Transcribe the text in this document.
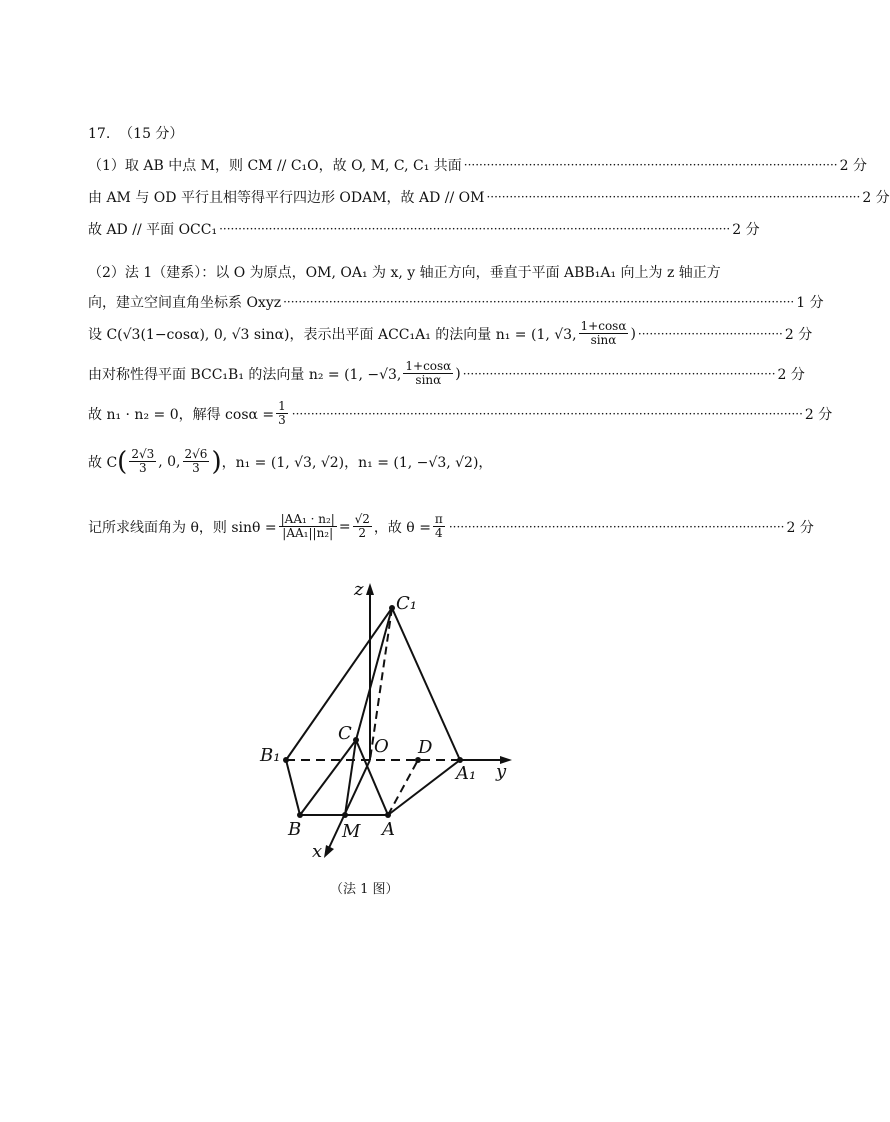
17.  （15 分）
（1）取 AB 中点 M，则 CM // C₁O，故 O, M, C, C₁ 共面 ·································································································· 2 分
由 AM 与 OD 平行且相等得平行四边形 ODAM，故 AD // OM ·································································································· 2 分
故 AD // 平面 OCC₁ ······································································································································ 2 分
（2）法 1（建系）：以 O 为原点，OM, OA₁ 为 x, y 轴正方向，垂直于平面 ABB₁A₁ 向上为 z 轴正方
向，建立空间直角坐标系 Oxyz ······································································································································ 1 分
设 C(√3(1−cosα), 0, √3 sinα)，表示出平面 ACC₁A₁ 的法向量 n₁ = (1, √3, $\frac{1+\cos\alpha}{\sin\alpha}$ ) ······································ 2 分
由对称性得平面 BCC₁B₁ 的法向量 n₂ = (1, −√3, $\frac{1+\cos\alpha}{\sin\alpha}$ ) ·················································································· 2 分
故 n₁ · n₂ = 0，解得 $\cos\alpha = \frac{1}{3}$ ······································································································································ 2 分
故 C ( $\frac{2√3}{3}$ , 0, $\frac{2√6}{3}$ ) ，n₁ = (1, √3, √2)，n₁ = (1, −√3, √2)，
记所求线面角为 θ，则 $\sin\theta = \frac{\text{|AA₁ · n₂|}}{\text{|AA₁||n₂|}} = \frac{√2}{2}$ ，故 $\theta = \frac{\pi}{4}$ ························································································ 2 分
z
C₁
C
O D
B₁
A₁ y
B M A
x
（法 1 图）
